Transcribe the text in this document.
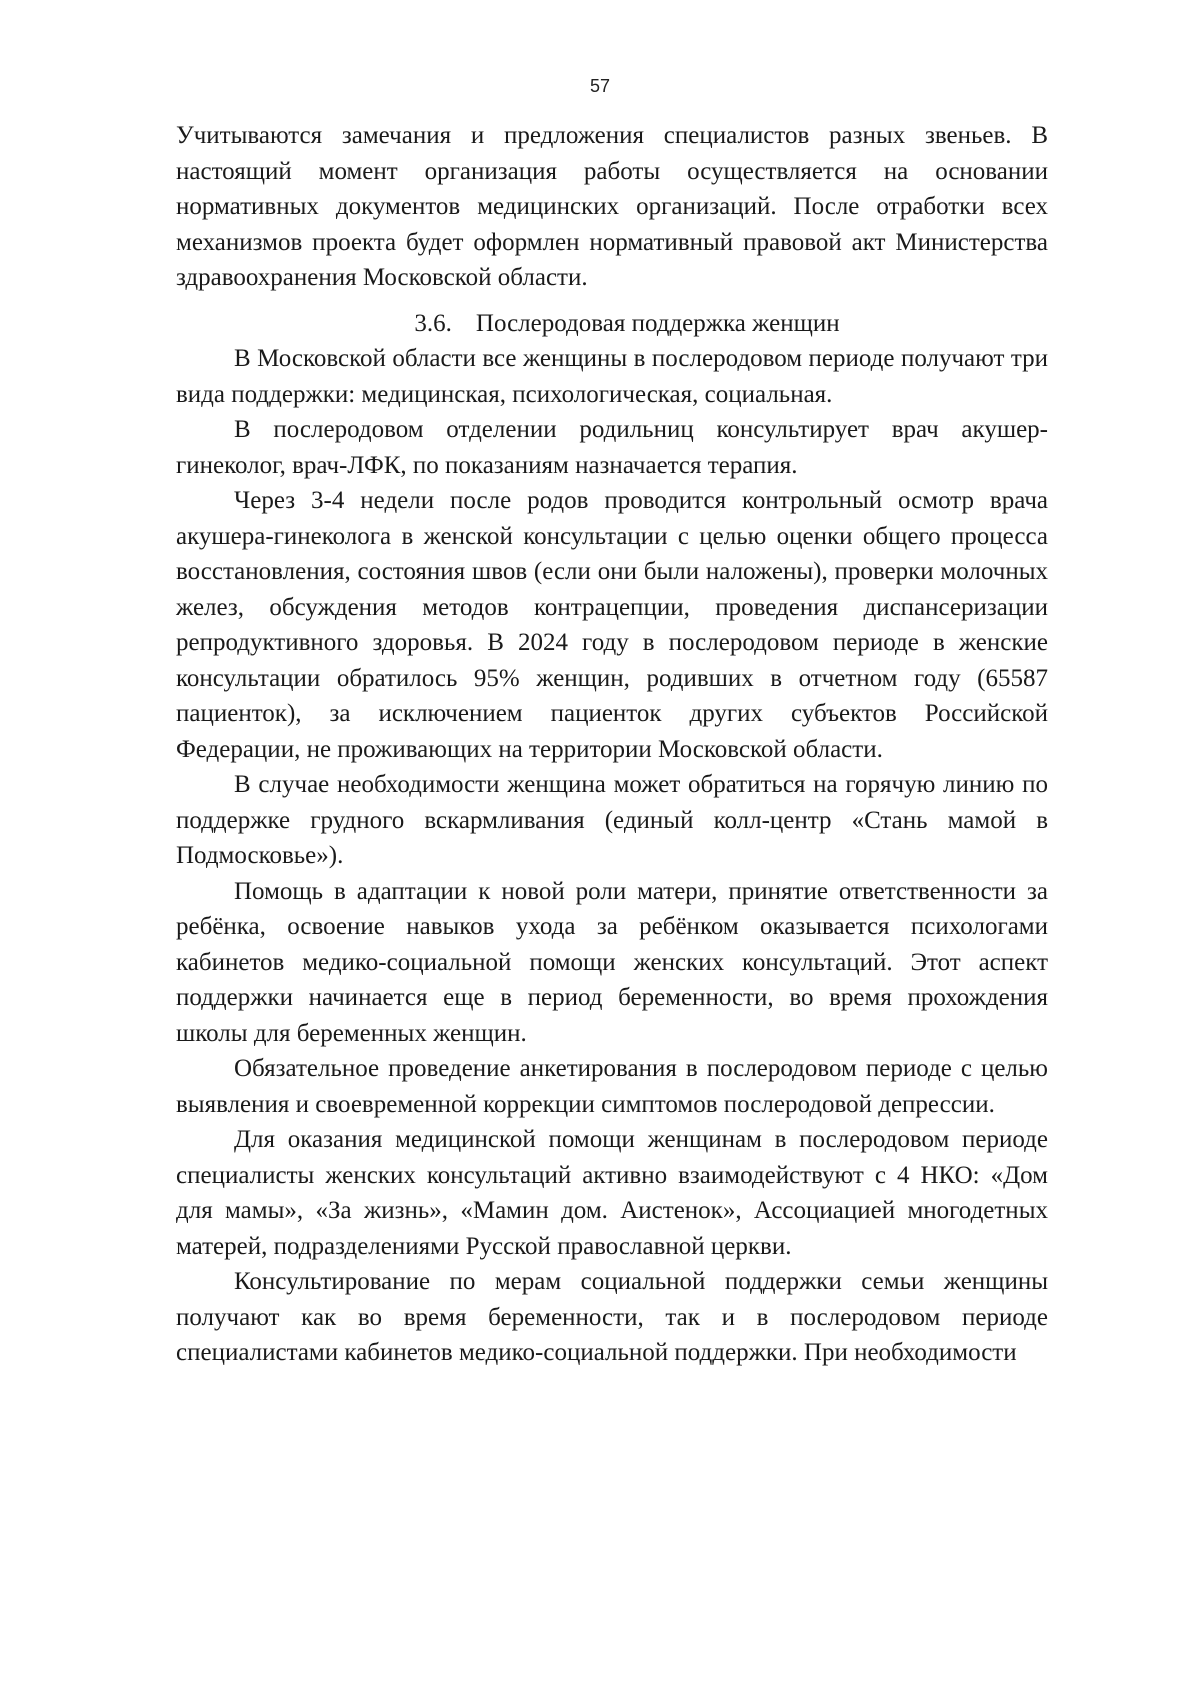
57

Учитываются замечания и предложения специалистов разных звеньев. В настоящий момент организация работы осуществляется на основании нормативных документов медицинских организаций. После отработки всех механизмов проекта будет оформлен нормативный правовой акт Министерства здравоохранения Московской области.

3.6. Послеродовая поддержка женщин

В Московской области все женщины в послеродовом периоде получают три вида поддержки: медицинская, психологическая, социальная.

В послеродовом отделении родильниц консультирует врач акушер-гинеколог, врач-ЛФК, по показаниям назначается терапия.

Через 3-4 недели после родов проводится контрольный осмотр врача акушера-гинеколога в женской консультации с целью оценки общего процесса восстановления, состояния швов (если они были наложены), проверки молочных желез, обсуждения методов контрацепции, проведения диспансеризации репродуктивного здоровья. В 2024 году в послеродовом периоде в женские консультации обратилось 95% женщин, родивших в отчетном году (65587 пациенток), за исключением пациенток других субъектов Российской Федерации, не проживающих на территории Московской области.

В случае необходимости женщина может обратиться на горячую линию по поддержке грудного вскармливания (единый колл-центр «Стань мамой в Подмосковье»).

Помощь в адаптации к новой роли матери, принятие ответственности за ребёнка, освоение навыков ухода за ребёнком оказывается психологами кабинетов медико-социальной помощи женских консультаций. Этот аспект поддержки начинается еще в период беременности, во время прохождения школы для беременных женщин.

Обязательное проведение анкетирования в послеродовом периоде с целью выявления и своевременной коррекции симптомов послеродовой депрессии.

Для оказания медицинской помощи женщинам в послеродовом периоде специалисты женских консультаций активно взаимодействуют с 4 НКО: «Дом для мамы», «За жизнь», «Мамин дом. Аистенок», Ассоциацией многодетных матерей, подразделениями Русской православной церкви.

Консультирование по мерам социальной поддержки семьи женщины получают как во время беременности, так и в послеродовом периоде специалистами кабинетов медико-социальной поддержки. При необходимости
